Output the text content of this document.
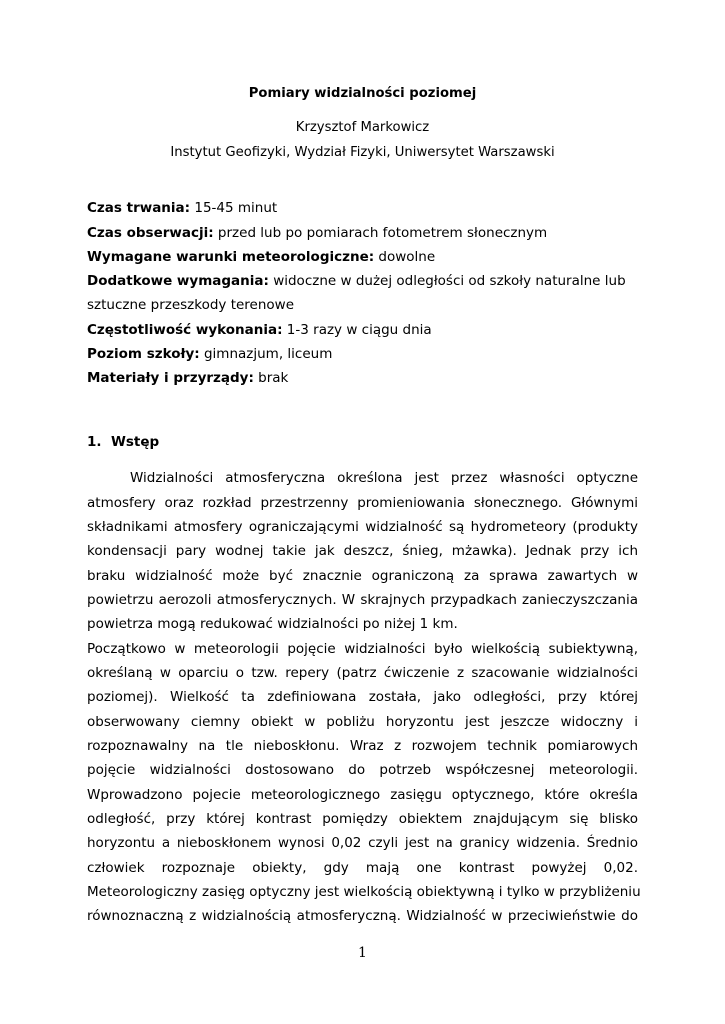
Pomiary widzialności poziomej
Krzysztof Markowicz
Instytut Geofizyki, Wydział Fizyki, Uniwersytet Warszawski
Czas trwania: 15-45 minut
Czas obserwacji: przed lub po pomiarach fotometrem słonecznym
Wymagane warunki meteorologiczne: dowolne
Dodatkowe wymagania: widoczne w dużej odległości od szkoły naturalne lub
sztuczne przeszkody terenowe
Częstotliwość wykonania: 1-3 razy w ciągu dnia
Poziom szkoły: gimnazjum, liceum
Materiały i przyrządy: brak
1. Wstęp
Widzialności atmosferyczna określona jest przez własności optyczne
atmosfery oraz rozkład przestrzenny promieniowania słonecznego. Głównymi
składnikami atmosfery ograniczającymi widzialność są hydrometeory (produkty
kondensacji pary wodnej takie jak deszcz, śnieg, mżawka). Jednak przy ich
braku widzialność może być znacznie ograniczoną za sprawa zawartych w
powietrzu aerozoli atmosferycznych. W skrajnych przypadkach zanieczyszczania
powietrza mogą redukować widzialności po niżej 1 km.
Początkowo w meteorologii pojęcie widzialności było wielkością subiektywną,
określaną w oparciu o tzw. repery (patrz ćwiczenie z szacowanie widzialności
poziomej). Wielkość ta zdefiniowana została, jako odległości, przy której
obserwowany ciemny obiekt w pobliżu horyzontu jest jeszcze widoczny i
rozpoznawalny na tle nieboskłonu. Wraz z rozwojem technik pomiarowych
pojęcie widzialności dostosowano do potrzeb współczesnej meteorologii.
Wprowadzono pojecie meteorologicznego zasięgu optycznego, które określa
odległość, przy której kontrast pomiędzy obiektem znajdującym się blisko
horyzontu a nieboskłonem wynosi 0,02 czyli jest na granicy widzenia. Średnio
człowiek rozpoznaje obiekty, gdy mają one kontrast powyżej 0,02.
Meteorologiczny zasięg optyczny jest wielkością obiektywną i tylko w przybliżeniu
równoznaczną z widzialnością atmosferyczną. Widzialność w przeciwieństwie do
1
